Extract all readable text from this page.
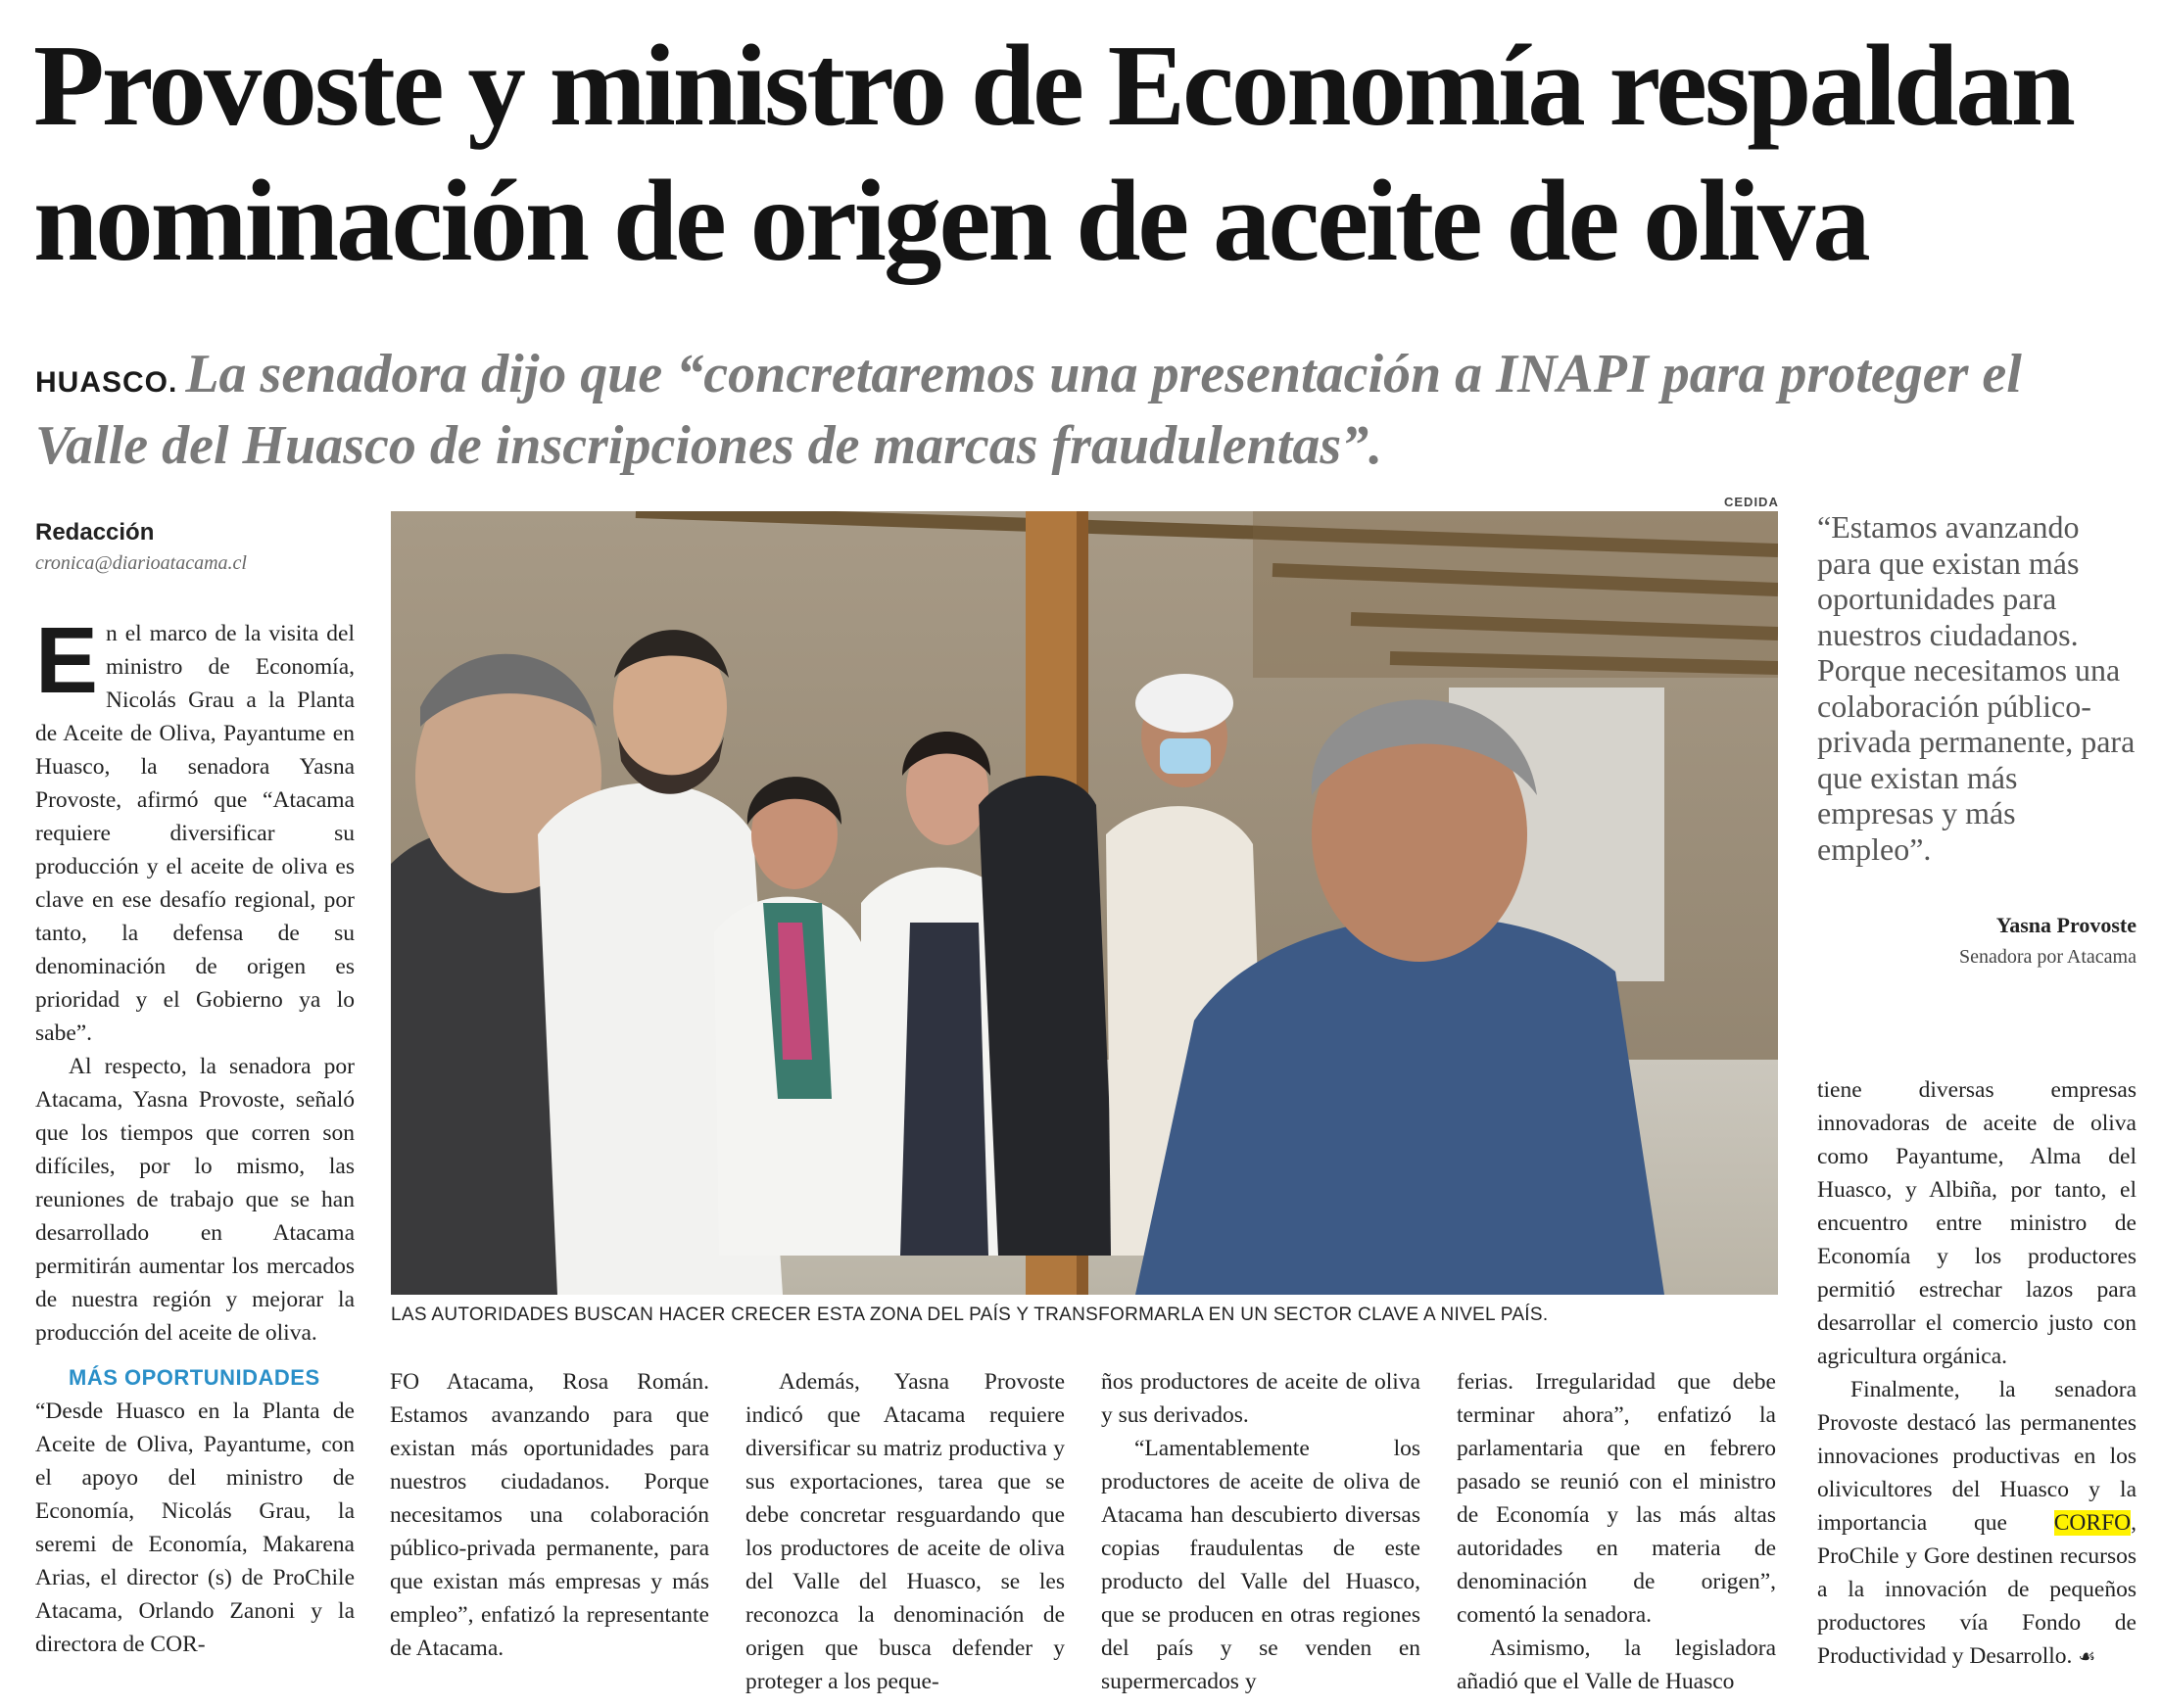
Provoste y ministro de Economía respaldan nominación de origen de aceite de oliva

HUASCO. La senadora dijo que “concretaremos una presentación a INAPI para proteger el Valle del Huasco de inscripciones de marcas fraudulentas”.

Redacción
cronica@diarioatacama.cl

En el marco de la visita del ministro de Economía, Nicolás Grau a la Planta de Aceite de Oliva, Payantume en Huasco, la senadora Yasna Provoste, afirmó que “Atacama requiere diversificar su producción y el aceite de oliva es clave en ese desafío regional, por tanto, la defensa de su denominación de origen es prioridad y el Gobierno ya lo sabe”.

Al respecto, la senadora por Atacama, Yasna Provoste, señaló que los tiempos que corren son difíciles, por lo mismo, las reuniones de trabajo que se han desarrollado en Atacama permitirán aumentar los mercados de nuestra región y mejorar la producción del aceite de oliva.

MÁS OPORTUNIDADES

“Desde Huasco en la Planta de Aceite de Oliva, Payantume, con el apoyo del ministro de Economía, Nicolás Grau, la seremi de Economía, Makarena Arias, el director (s) de ProChile Atacama, Orlando Zanoni y la directora de COR-

CEDIDA
LAS AUTORIDADES BUSCAN HACER CRECER ESTA ZONA DEL PAÍS Y TRANSFORMARLA EN UN SECTOR CLAVE A NIVEL PAÍS.

“Estamos avanzando para que existan más oportunidades para nuestros ciudadanos. Porque necesitamos una colaboración público-privada permanente, para que existan más empresas y más empleo”.

Yasna Provoste
Senadora por Atacama

FO Atacama, Rosa Román. Estamos avanzando para que existan más oportunidades para nuestros ciudadanos. Porque necesitamos una colaboración público-privada permanente, para que existan más empresas y más empleo”, enfatizó la representante de Atacama.

Además, Yasna Provoste indicó que Atacama requiere diversificar su matriz productiva y sus exportaciones, tarea que se debe concretar resguardando que los productores de aceite de oliva del Valle del Huasco, se les reconozca la denominación de origen que busca defender y proteger a los peque-

ños productores de aceite de oliva y sus derivados.

“Lamentablemente los productores de aceite de oliva de Atacama han descubierto diversas copias fraudulentas de este producto del Valle del Huasco, que se producen en otras regiones del país y se venden en supermercados y

ferias. Irregularidad que debe terminar ahora”, enfatizó la parlamentaria que en febrero pasado se reunió con el ministro de Economía y las más altas autoridades en materia de denominación de origen”, comentó la senadora.

Asimismo, la legisladora añadió que el Valle de Huasco

tiene diversas empresas innovadoras de aceite de oliva como Payantume, Alma del Huasco, y Albiña, por tanto, el encuentro entre ministro de Economía y los productores permitió estrechar lazos para desarrollar el comercio justo con agricultura orgánica.

Finalmente, la senadora Provoste destacó las permanentes innovaciones productivas en los olivicultores del Huasco y la importancia que CORFO, ProChile y Gore destinen recursos a la innovación de pequeños productores vía Fondo de Productividad y Desarrollo. ☙
